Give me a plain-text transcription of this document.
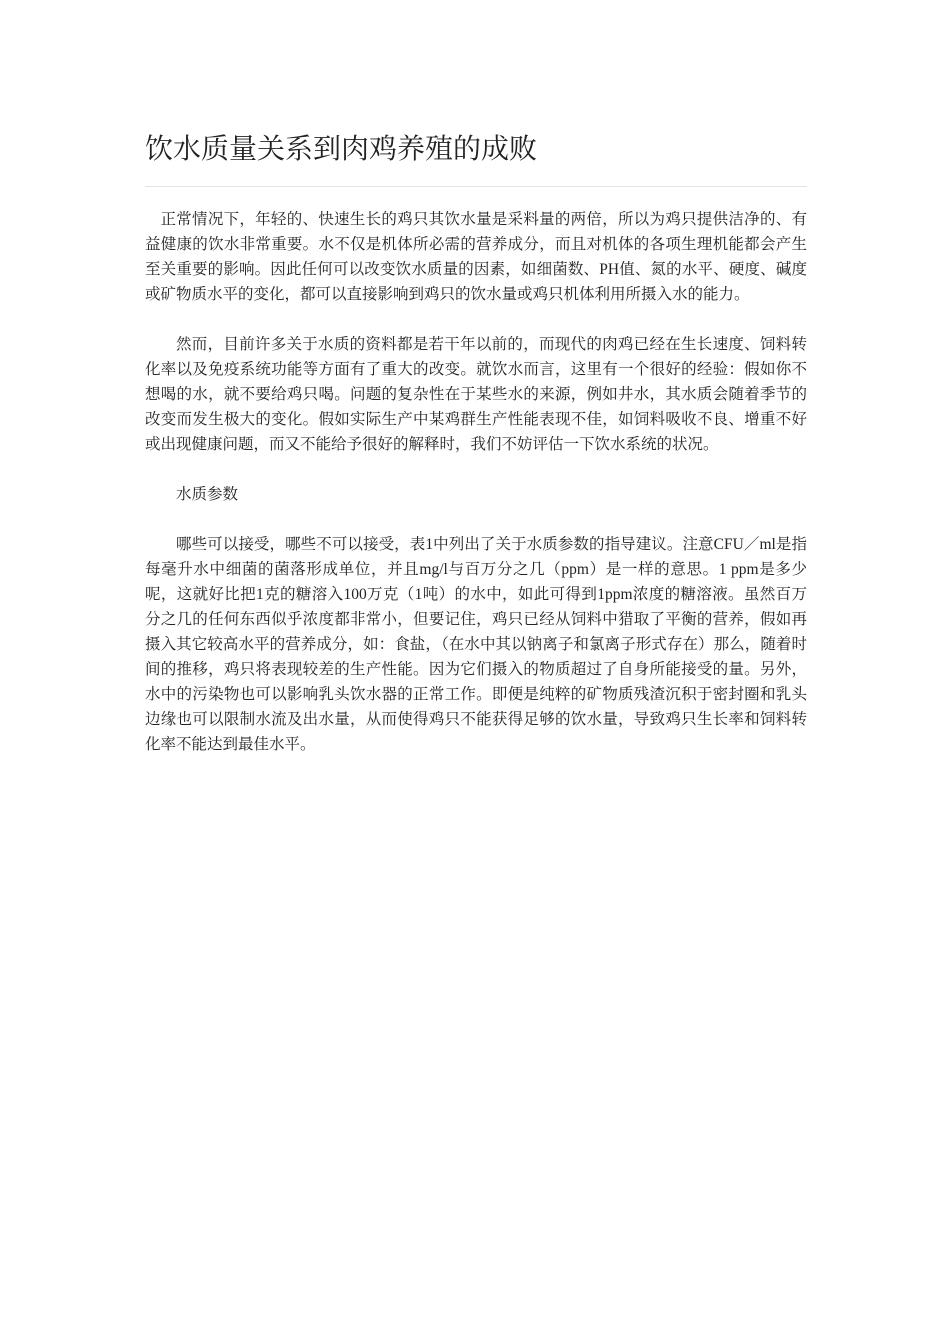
饮水质量关系到肉鸡养殖的成败

正常情况下，年轻的、快速生长的鸡只其饮水量是采料量的两倍，所以为鸡只提供洁净的、有益健康的饮水非常重要。水不仅是机体所必需的营养成分，而且对机体的各项生理机能都会产生至关重要的影响。因此任何可以改变饮水质量的因素，如细菌数、PH值、氮的水平、硬度、碱度或矿物质水平的变化，都可以直接影响到鸡只的饮水量或鸡只机体利用所摄入水的能力。

然而，目前许多关于水质的资料都是若干年以前的，而现代的肉鸡已经在生长速度、饲料转化率以及免疫系统功能等方面有了重大的改变。就饮水而言，这里有一个很好的经验：假如你不想喝的水，就不要给鸡只喝。问题的复杂性在于某些水的来源，例如井水，其水质会随着季节的改变而发生极大的变化。假如实际生产中某鸡群生产性能表现不佳，如饲料吸收不良、增重不好或出现健康问题，而又不能给予很好的解释时，我们不妨评估一下饮水系统的状况。

水质参数

哪些可以接受，哪些不可以接受，表1中列出了关于水质参数的指导建议。注意CFU／ml是指每毫升水中细菌的菌落形成单位，并且mg/l与百万分之几（ppm）是一样的意思。1 ppm是多少呢，这就好比把1克的糖溶入100万克（1吨）的水中，如此可得到1ppm浓度的糖溶液。虽然百万分之几的任何东西似乎浓度都非常小，但要记住，鸡只已经从饲料中猎取了平衡的营养，假如再摄入其它较高水平的营养成分，如：食盐，（在水中其以钠离子和氯离子形式存在）那么，随着时间的推移，鸡只将表现较差的生产性能。因为它们摄入的物质超过了自身所能接受的量。另外，水中的污染物也可以影响乳头饮水器的正常工作。即便是纯粹的矿物质残渣沉积于密封圈和乳头边缘也可以限制水流及出水量，从而使得鸡只不能获得足够的饮水量，导致鸡只生长率和饲料转化率不能达到最佳水平。
